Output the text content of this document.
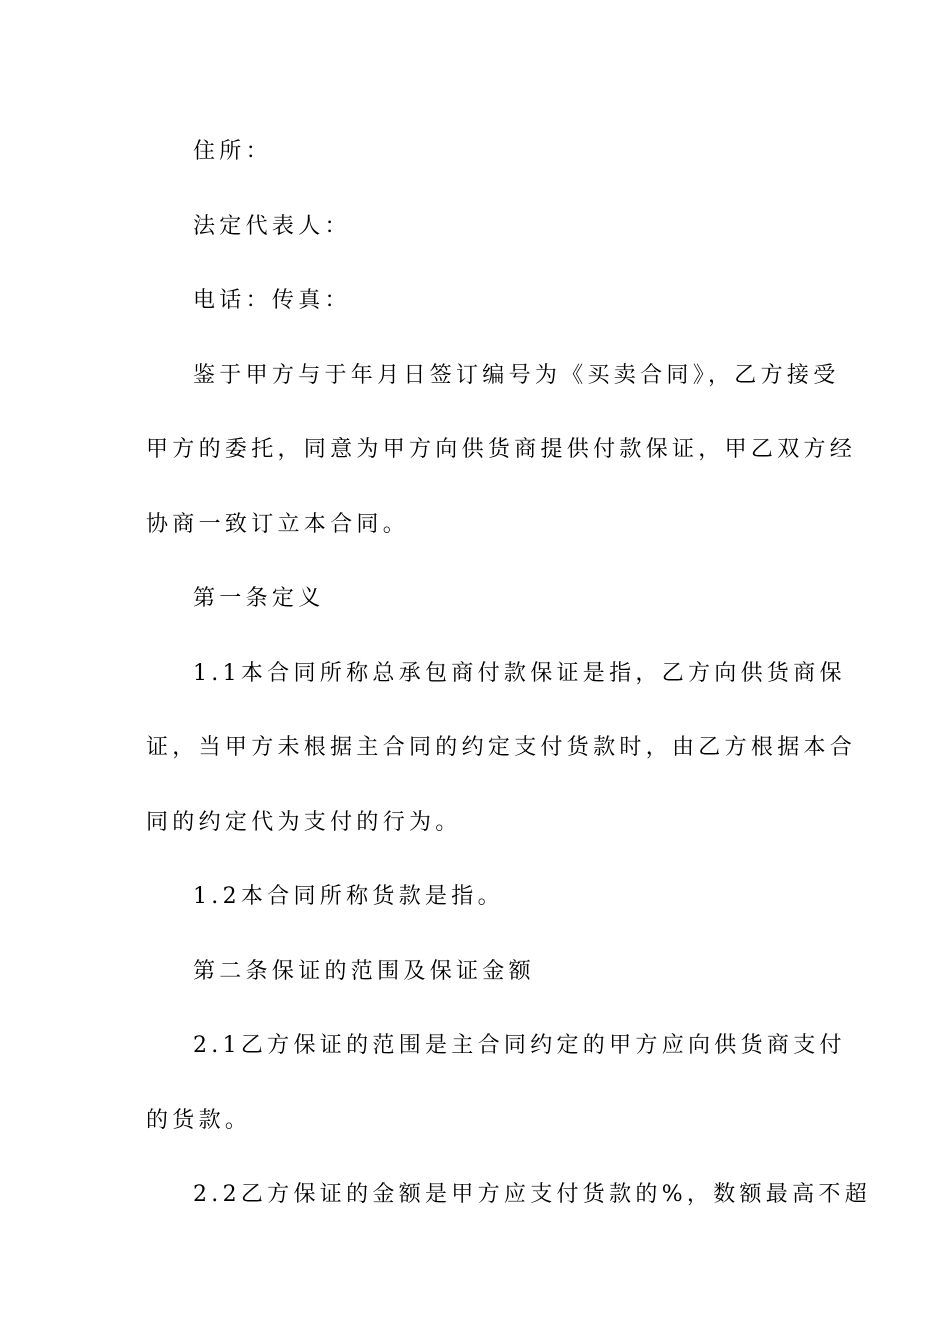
住所：
法定代表人：
电话：传真：
鉴于甲方与于年月日签订编号为《买卖合同》，乙方接受
甲方的委托，同意为甲方向供货商提供付款保证，甲乙双方经
协商一致订立本合同。
第一条定义
1.1本合同所称总承包商付款保证是指，乙方向供货商保
证，当甲方未根据主合同的约定支付货款时，由乙方根据本合
同的约定代为支付的行为。
1.2本合同所称货款是指。
第二条保证的范围及保证金额
2.1乙方保证的范围是主合同约定的甲方应向供货商支付
的货款。
2.2乙方保证的金额是甲方应支付货款的%，数额最高不超
